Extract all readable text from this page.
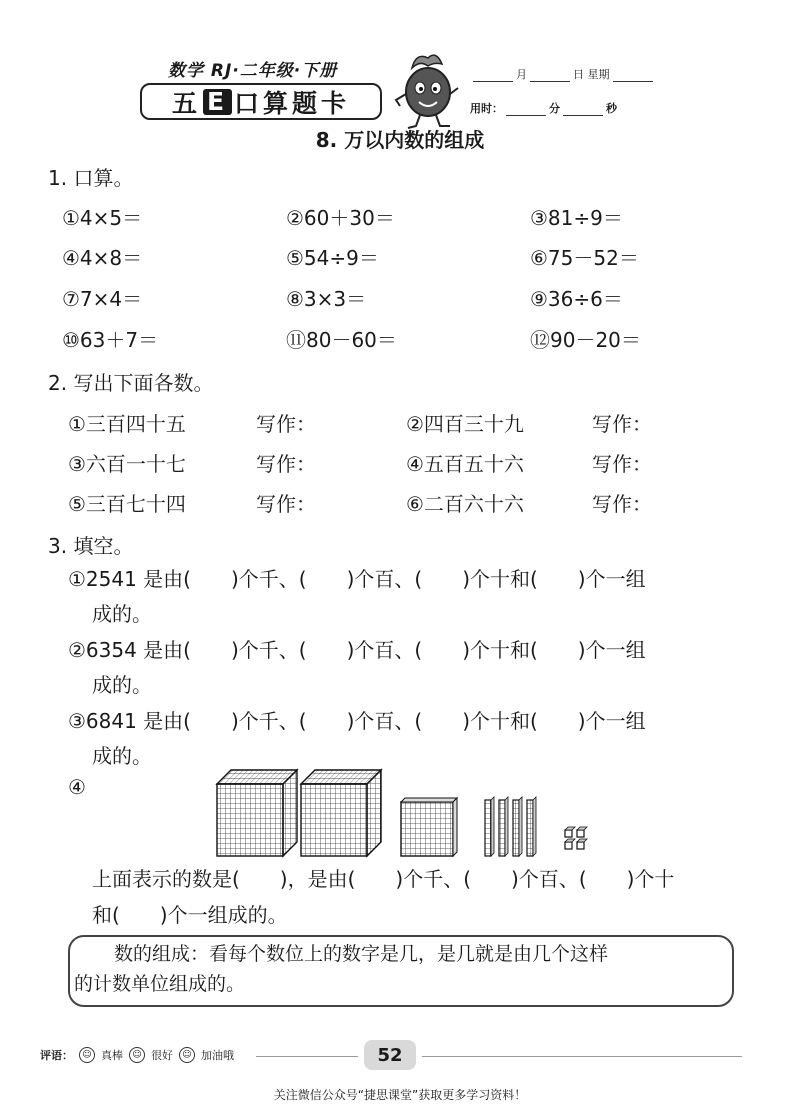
数学 RJ·二年级·下册
五 E 口算题卡
月	日 星期
用时：	分	秒
8. 万以内数的组成
1. 口算。
①4×5＝	②60＋30＝	③81÷9＝
④4×8＝	⑤54÷9＝	⑥75－52＝
⑦7×4＝	⑧3×3＝	⑨36÷6＝
⑩63＋7＝	⑪80－60＝	⑫90－20＝
2. 写出下面各数。
①三百四十五	写作：	②四百三十九	写作：
③六百一十七	写作：	④五百五十六	写作：
⑤三百七十四	写作：	⑥二百六十六	写作：
3. 填空。
①2541 是由(　　)个千、(　　)个百、(　　)个十和(　　)个一组
成的。
②6354 是由(　　)个千、(　　)个百、(　　)个十和(　　)个一组
成的。
③6841 是由(　　)个千、(　　)个百、(　　)个十和(　　)个一组
成的。
④
上面表示的数是(　　)，是由(　　)个千、(　　)个百、(　　)个十
和(　　)个一组成的。
数的组成：看每个数位上的数字是几，是几就是由几个这样
的计数单位组成的。
评语：	☺ 真棒	☺ 很好	☺ 加油哦	52
关注微信公众号“捷思课堂”获取更多学习资料！
